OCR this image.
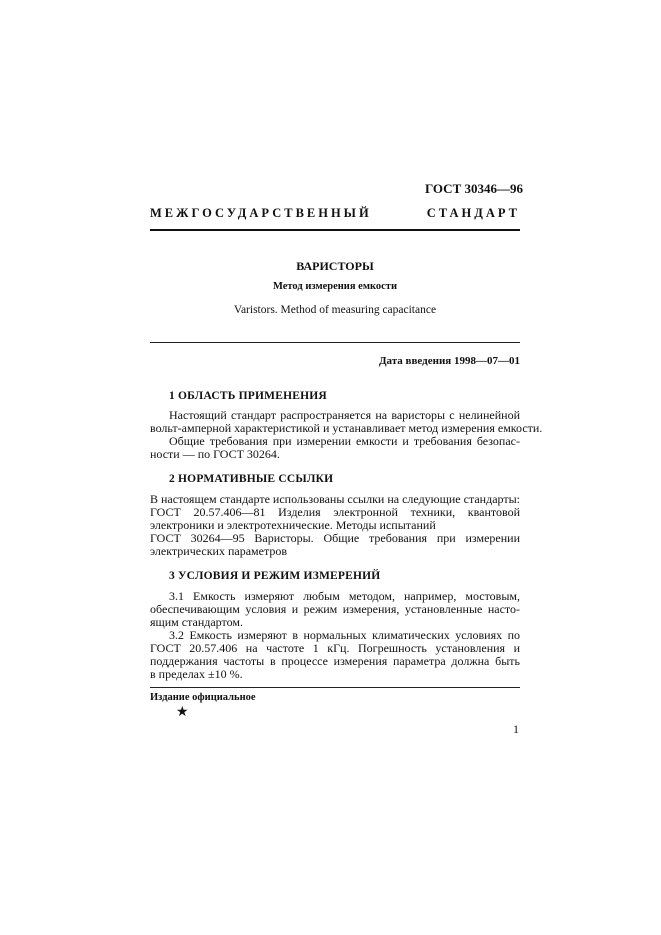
ГОСТ 30346—96
МЕЖГОСУДАРСТВЕННЫЙ СТАНДАРТ
ВАРИСТОРЫ
Метод измерения емкости
Varistors. Method of measuring capacitance
Дата введения 1998—07—01
1 ОБЛАСТЬ ПРИМЕНЕНИЯ
Настоящий стандарт распространяется на варисторы с нелинейной
вольт-амперной характеристикой и устанавливает метод измерения емкости.
Общие требования при измерении емкости и требования безопас-
ности — по ГОСТ 30264.
2 НОРМАТИВНЫЕ ССЫЛКИ
В настоящем стандарте использованы ссылки на следующие стандарты:
ГОСТ 20.57.406—81 Изделия электронной техники, квантовой
электроники и электротехнические. Методы испытаний
ГОСТ 30264—95 Варисторы. Общие требования при измерении
электрических параметров
3 УСЛОВИЯ И РЕЖИМ ИЗМЕРЕНИЙ
3.1 Емкость измеряют любым методом, например, мостовым,
обеспечивающим условия и режим измерения, установленные насто-
ящим стандартом.
3.2 Емкость измеряют в нормальных климатических условиях по
ГОСТ 20.57.406 на частоте 1 кГц. Погрешность установления и
поддержания частоты в процессе измерения параметра должна быть
в пределах ±10 %.
Издание официальное
★
1
